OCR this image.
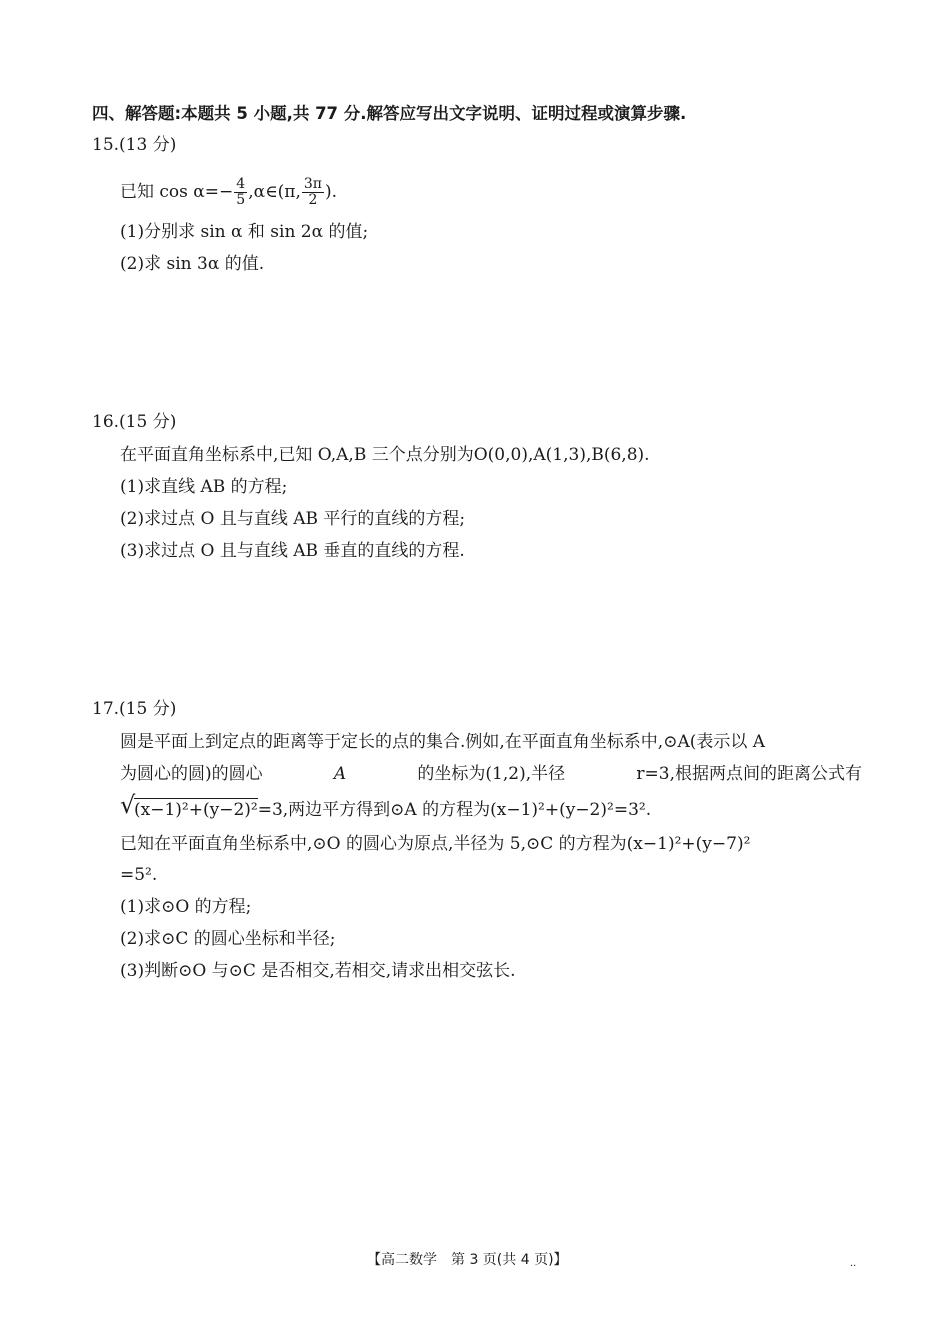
四、解答题:本题共 5 小题,共 77 分.解答应写出文字说明、证明过程或演算步骤.
15.(13 分)
已知 $\cos \alpha=- \frac{4}{5}$ ,α∈(π, $\frac{3\pi}{2}$ ).
(1)分别求 sin α 和 sin 2α 的值;
(2)求 sin 3α 的值.
16.(15 分)
在平面直角坐标系中,已知 O,A,B 三个点分别为O(0,0),A(1,3),B(6,8).
(1)求直线 AB 的方程;
(2)求过点 O 且与直线 AB 平行的直线的方程;
(3)求过点 O 且与直线 AB 垂直的直线的方程.
17.(15 分)
圆是平面上到定点的距离等于定长的点的集合.例如,在平面直角坐标系中,⊙A(表示以 A
为圆心的圆)的圆心	A	的坐标为(1,2),半径	r=3,根据两点间的距离公式有
√
(x−1)²+(y−2)²=3,两边平方得到⊙A 的方程为(x−1)²+(y−2)²=3².
已知在平面直角坐标系中,⊙O 的圆心为原点,半径为 5,⊙C 的方程为(x−1)²+(y−7)²
=5².
(1)求⊙O 的方程;
(2)求⊙C 的圆心坐标和半径;
(3)判断⊙O 与⊙C 是否相交,若相交,请求出相交弦长.
【高二数学　第 3 页(共 4 页)】	..
